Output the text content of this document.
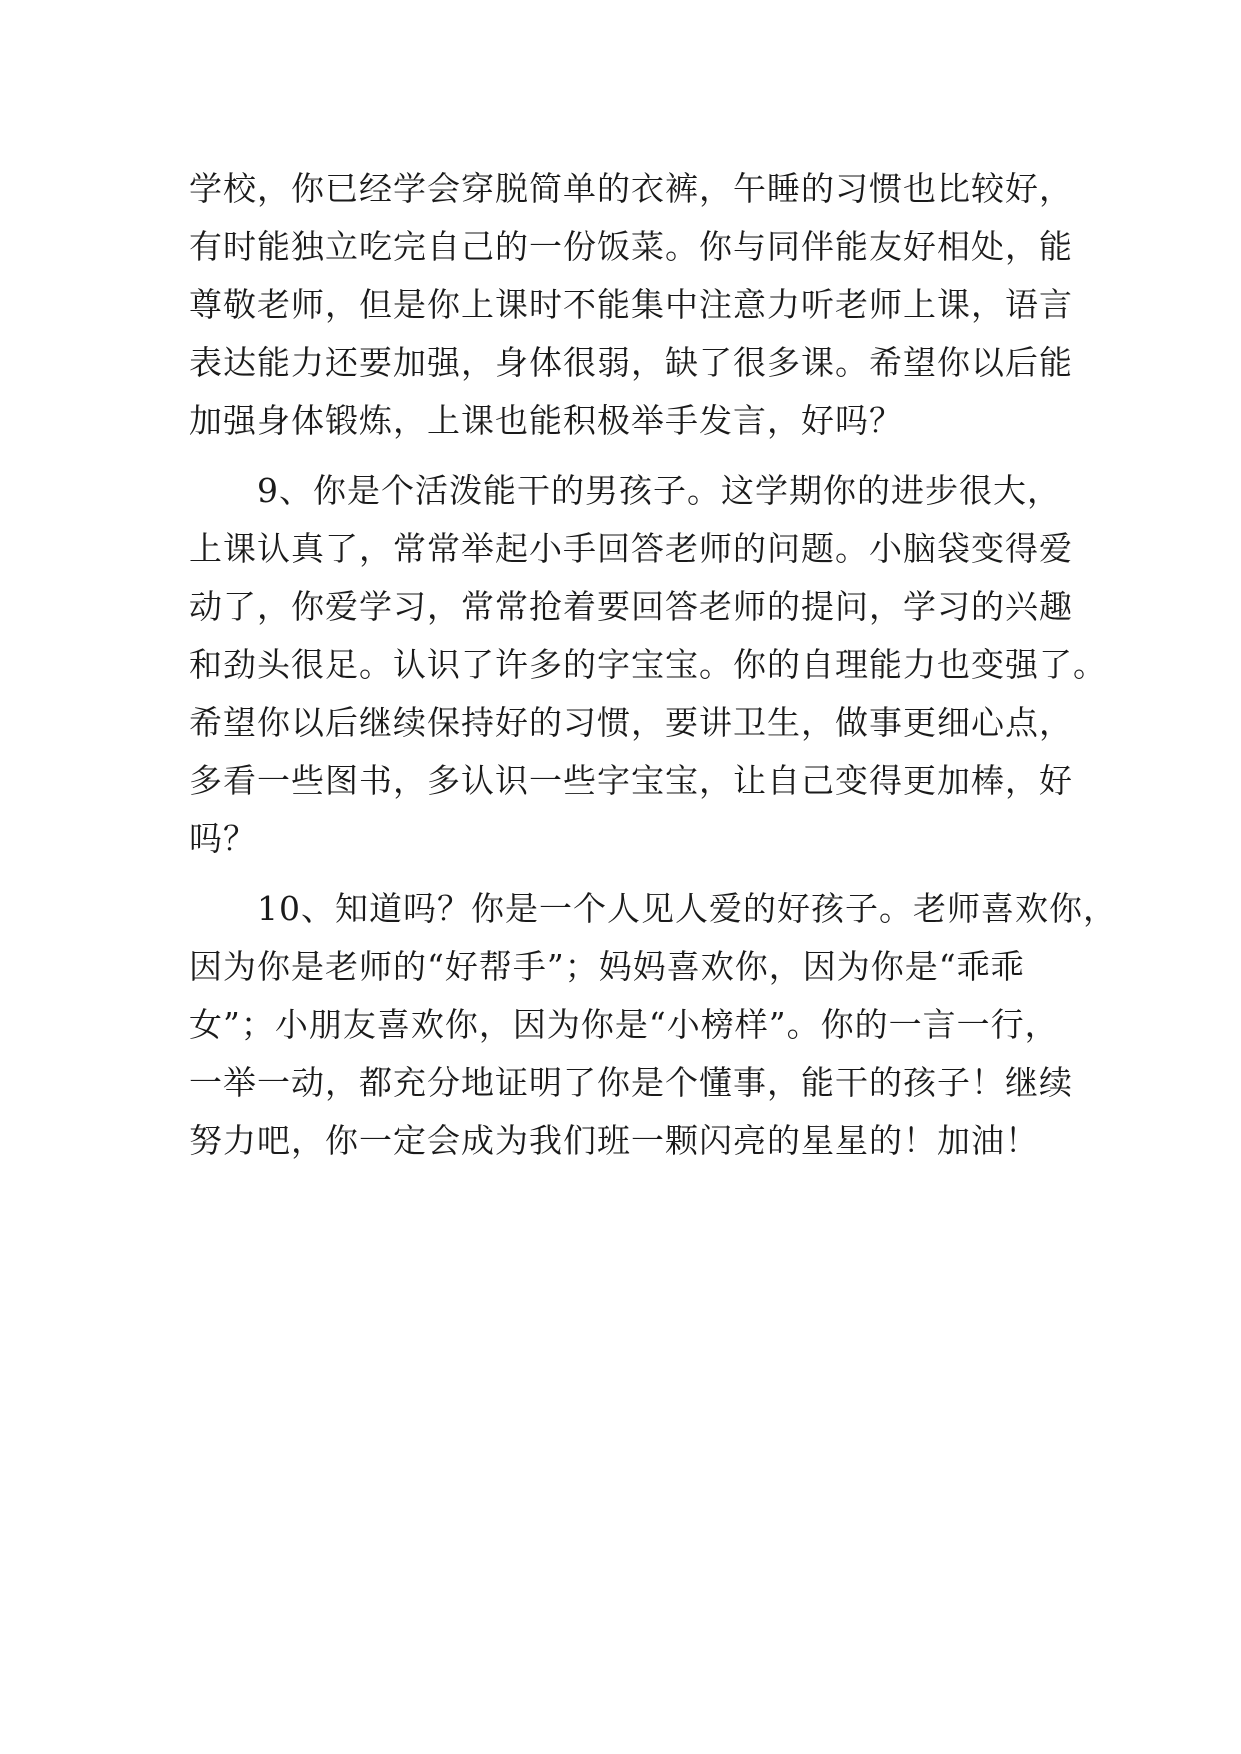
学校，你已经学会穿脱简单的衣裤，午睡的习惯也比较好，
有时能独立吃完自己的一份饭菜。你与同伴能友好相处，能
尊敬老师，但是你上课时不能集中注意力听老师上课，语言
表达能力还要加强，身体很弱，缺了很多课。希望你以后能
加强身体锻炼，上课也能积极举手发言，好吗？
　　9、你是个活泼能干的男孩子。这学期你的进步很大，
上课认真了，常常举起小手回答老师的问题。小脑袋变得爱
动了，你爱学习，常常抢着要回答老师的提问，学习的兴趣
和劲头很足。认识了许多的字宝宝。你的自理能力也变强了。
希望你以后继续保持好的习惯，要讲卫生，做事更细心点，
多看一些图书，多认识一些字宝宝，让自己变得更加棒，好
吗？
　　10、知道吗？你是一个人见人爱的好孩子。老师喜欢你，
因为你是老师的“好帮手”；妈妈喜欢你，因为你是“乖乖
女”；小朋友喜欢你，因为你是“小榜样”。你的一言一行，
一举一动，都充分地证明了你是个懂事，能干的孩子！继续
努力吧，你一定会成为我们班一颗闪亮的星星的！加油！
